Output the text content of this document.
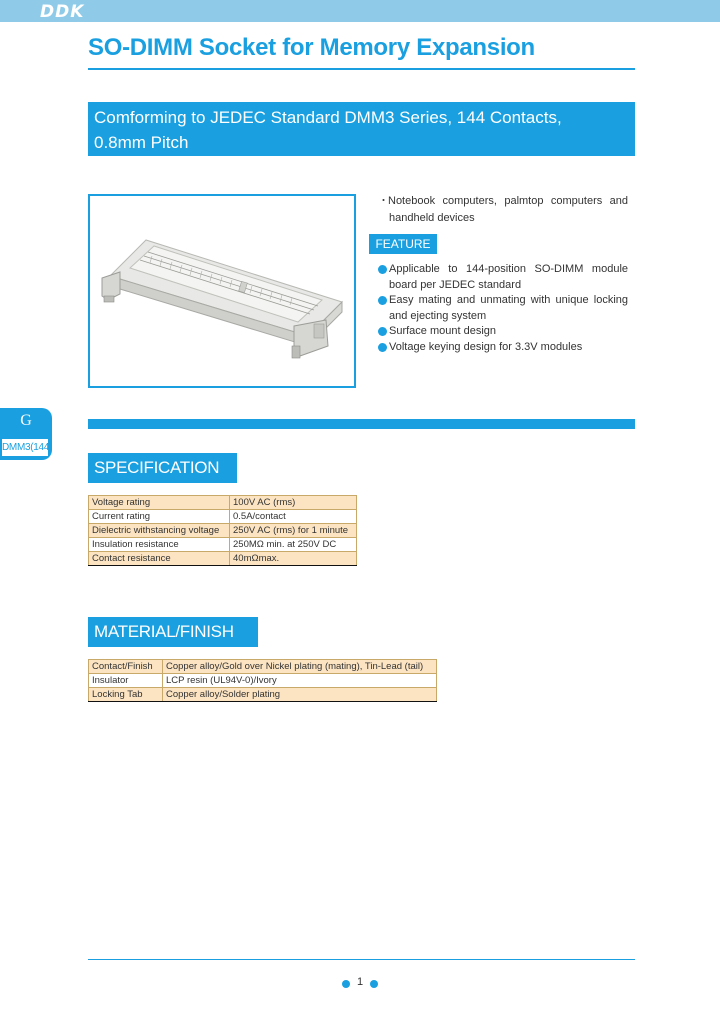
DDK
SO-DIMM Socket for Memory Expansion
Comforming to JEDEC Standard DMM3 Series, 144 Contacts,
0.8mm Pitch
・Notebook computers, palmtop computers and
handheld devices
FEATURE
Applicable to 144-position SO-DIMM module
board per JEDEC standard
Easy mating and unmating with unique locking
and ejecting system
Surface mount design
Voltage keying design for 3.3V modules
G
DMM3(144)
SPECIFICATION
Voltage rating	100V AC (rms)
Current rating	0.5A/contact
Dielectric withstancing voltage	250V AC (rms) for 1 minute
Insulation resistance	250MΩ min. at 250V DC
Contact resistance	40mΩmax.
MATERIAL/FINISH
Contact/Finish	Copper alloy/Gold over Nickel plating (mating), Tin-Lead (tail)
Insulator	LCP resin (UL94V-0)/Ivory
Locking Tab	Copper alloy/Solder plating
1
